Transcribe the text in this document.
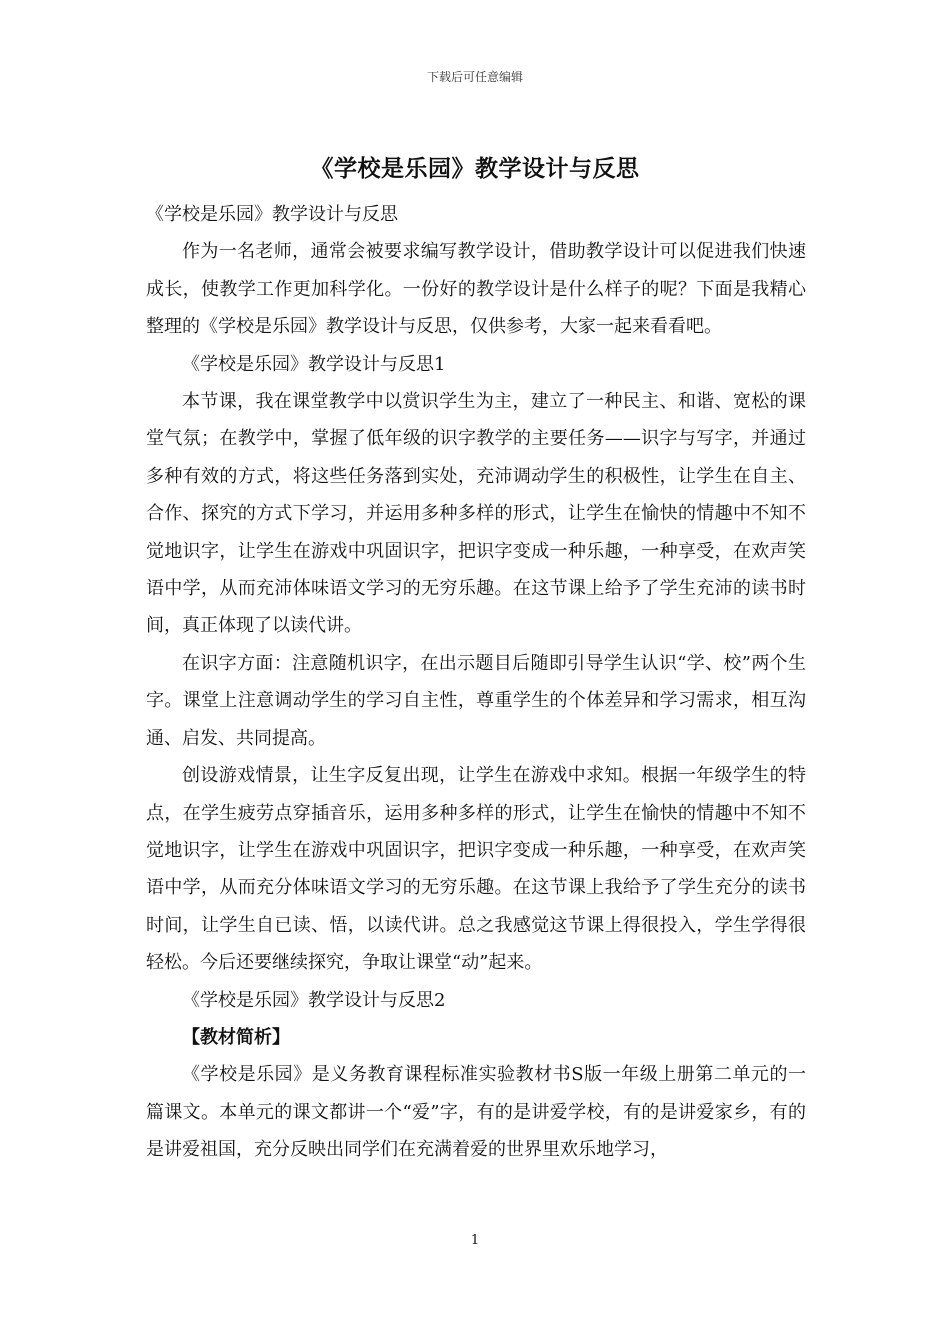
下载后可任意编辑
《学校是乐园》教学设计与反思

《学校是乐园》教学设计与反思

作为一名老师，通常会被要求编写教学设计，借助教学设计可以促进我们快速成长，使教学工作更加科学化。一份好的教学设计是什么样子的呢？下面是我精心整理的《学校是乐园》教学设计与反思，仅供参考，大家一起来看看吧。

《学校是乐园》教学设计与反思1

本节课，我在课堂教学中以赏识学生为主，建立了一种民主、和谐、宽松的课堂气氛；在教学中，掌握了低年级的识字教学的主要任务——识字与写字，并通过多种有效的方式，将这些任务落到实处，充沛调动学生的积极性，让学生在自主、合作、探究的方式下学习，并运用多种多样的形式，让学生在愉快的情趣中不知不觉地识字，让学生在游戏中巩固识字，把识字变成一种乐趣，一种享受，在欢声笑语中学，从而充沛体味语文学习的无穷乐趣。在这节课上给予了学生充沛的读书时间，真正体现了以读代讲。

在识字方面：注意随机识字，在出示题目后随即引导学生认识“学、校”两个生字。课堂上注意调动学生的学习自主性，尊重学生的个体差异和学习需求，相互沟通、启发、共同提高。

创设游戏情景，让生字反复出现，让学生在游戏中求知。根据一年级学生的特点，在学生疲劳点穿插音乐，运用多种多样的形式，让学生在愉快的情趣中不知不觉地识字，让学生在游戏中巩固识字，把识字变成一种乐趣，一种享受，在欢声笑语中学，从而充分体味语文学习的无穷乐趣。在这节课上我给予了学生充分的读书时间，让学生自已读、悟，以读代讲。总之我感觉这节课上得很投入，学生学得很轻松。今后还要继续探究，争取让课堂“动”起来。

《学校是乐园》教学设计与反思2

【教材简析】

《学校是乐园》是义务教育课程标准实验教材书S版一年级上册第二单元的一篇课文。本单元的课文都讲一个“爱”字，有的是讲爱学校，有的是讲爱家乡，有的是讲爱祖国，充分反映出同学们在充满着爱的世界里欢乐地学习，

1
